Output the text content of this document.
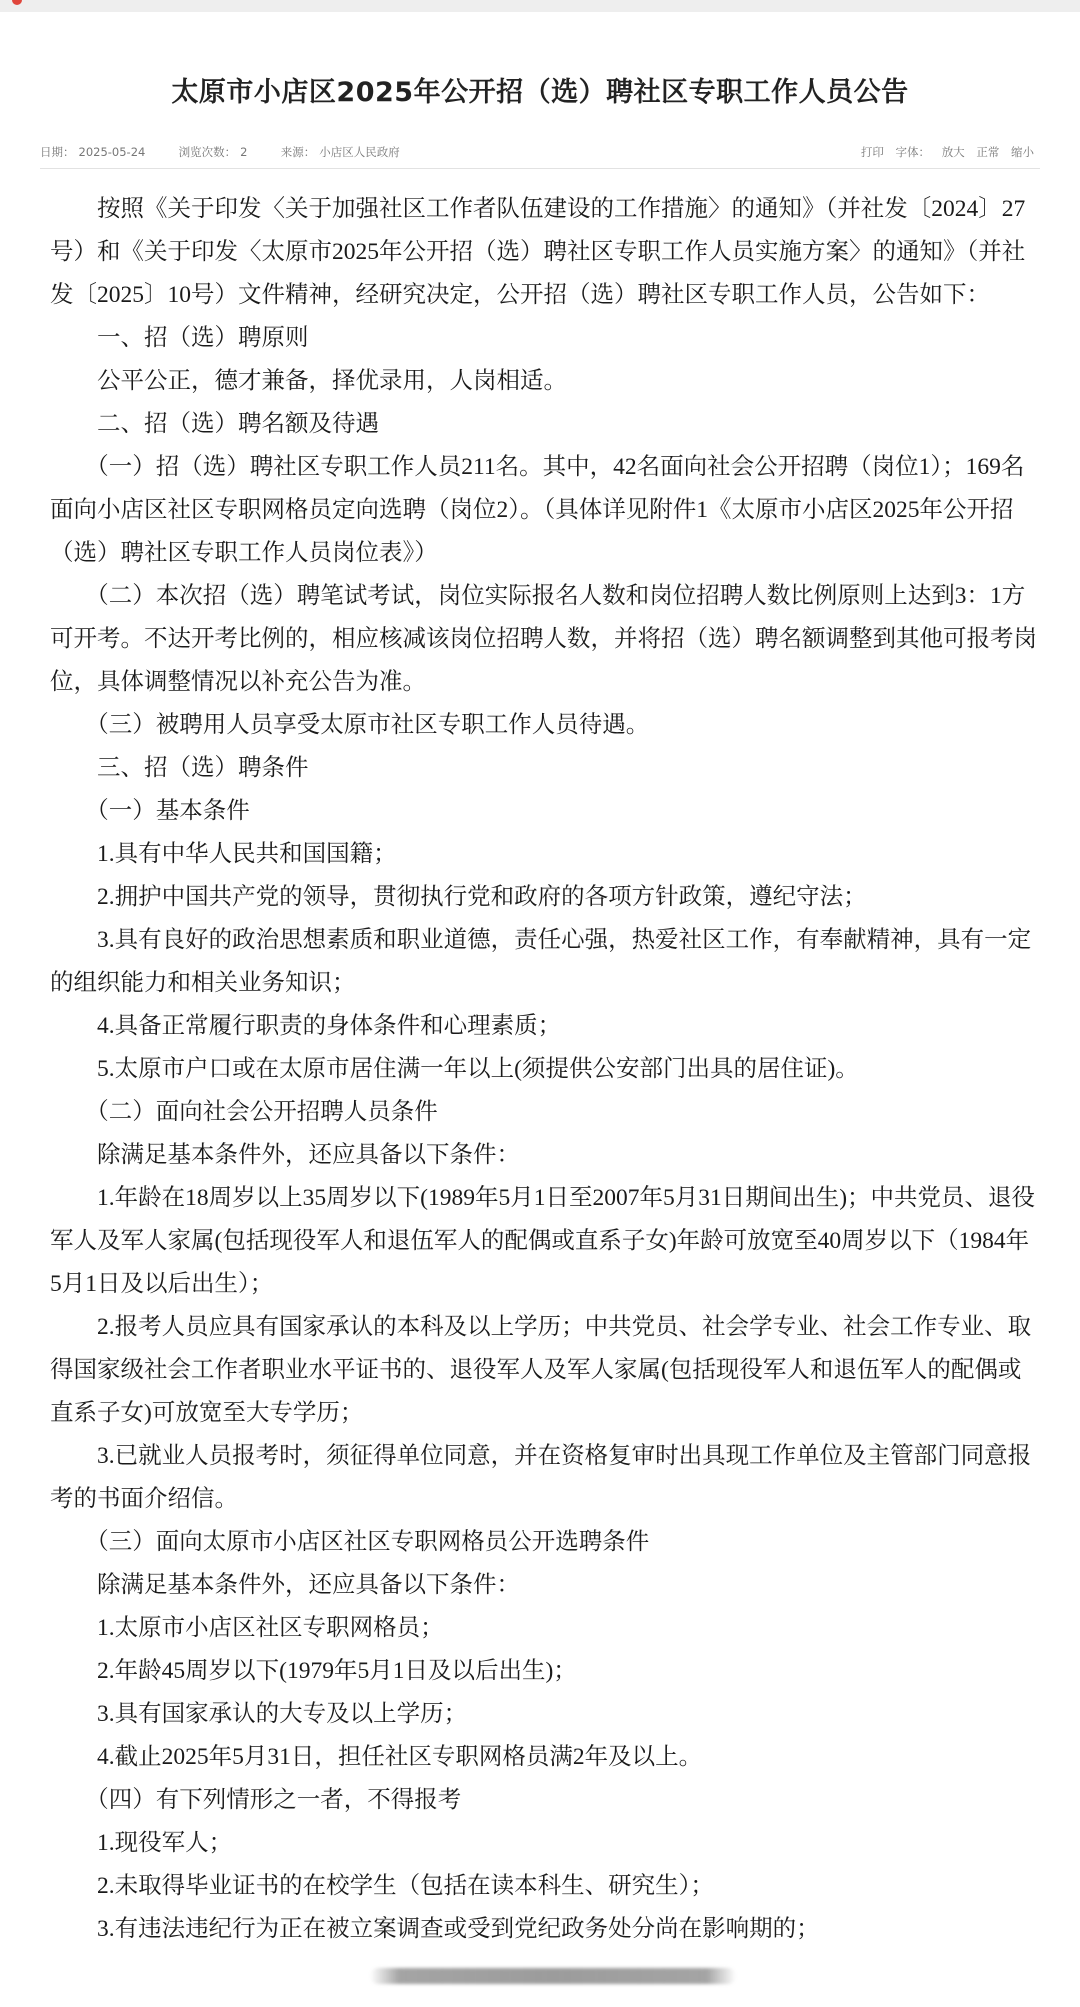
太原市小店区2025年公开招（选）聘社区专职工作人员公告
日期： 2025-05-24	浏览次数： 2	来源： 小店区人民政府	打印 字体： 放大 正常 缩小

　　按照《关于印发〈关于加强社区工作者队伍建设的工作措施〉的通知》（并社发〔2024〕27号）和《关于印发〈太原市2025年公开招（选）聘社区专职工作人员实施方案〉的通知》（并社发〔2025〕10号）文件精神，经研究决定，公开招（选）聘社区专职工作人员，公告如下：

　　一、招（选）聘原则

　　公平公正，德才兼备，择优录用，人岗相适。

　　二、招（选）聘名额及待遇

　　（一）招（选）聘社区专职工作人员211名。其中，42名面向社会公开招聘（岗位1）；169名面向小店区社区专职网格员定向选聘（岗位2）。（具体详见附件1《太原市小店区2025年公开招（选）聘社区专职工作人员岗位表》）

　　（二）本次招（选）聘笔试考试，岗位实际报名人数和岗位招聘人数比例原则上达到3：1方可开考。不达开考比例的，相应核减该岗位招聘人数，并将招（选）聘名额调整到其他可报考岗位，具体调整情况以补充公告为准。

　　（三）被聘用人员享受太原市社区专职工作人员待遇。

　　三、招（选）聘条件

　　（一）基本条件

　　1.具有中华人民共和国国籍；

　　2.拥护中国共产党的领导，贯彻执行党和政府的各项方针政策，遵纪守法；

　　3.具有良好的政治思想素质和职业道德，责任心强，热爱社区工作，有奉献精神，具有一定的组织能力和相关业务知识；

　　4.具备正常履行职责的身体条件和心理素质；

　　5.太原市户口或在太原市居住满一年以上(须提供公安部门出具的居住证)。

　　（二）面向社会公开招聘人员条件

　　除满足基本条件外，还应具备以下条件：

　　1.年龄在18周岁以上35周岁以下(1989年5月1日至2007年5月31日期间出生)；中共党员、退役军人及军人家属(包括现役军人和退伍军人的配偶或直系子女)年龄可放宽至40周岁以下（1984年5月1日及以后出生）；

　　2.报考人员应具有国家承认的本科及以上学历；中共党员、社会学专业、社会工作专业、取得国家级社会工作者职业水平证书的、退役军人及军人家属(包括现役军人和退伍军人的配偶或直系子女)可放宽至大专学历；

　　3.已就业人员报考时，须征得单位同意，并在资格复审时出具现工作单位及主管部门同意报考的书面介绍信。

　　（三）面向太原市小店区社区专职网格员公开选聘条件

　　除满足基本条件外，还应具备以下条件：

　　1.太原市小店区社区专职网格员；

　　2.年龄45周岁以下(1979年5月1日及以后出生)；

　　3.具有国家承认的大专及以上学历；

　　4.截止2025年5月31日，担任社区专职网格员满2年及以上。

　　（四）有下列情形之一者，不得报考

　　1.现役军人；

　　2.未取得毕业证书的在校学生（包括在读本科生、研究生）；

　　3.有违法违纪行为正在被立案调查或受到党纪政务处分尚在影响期的；
